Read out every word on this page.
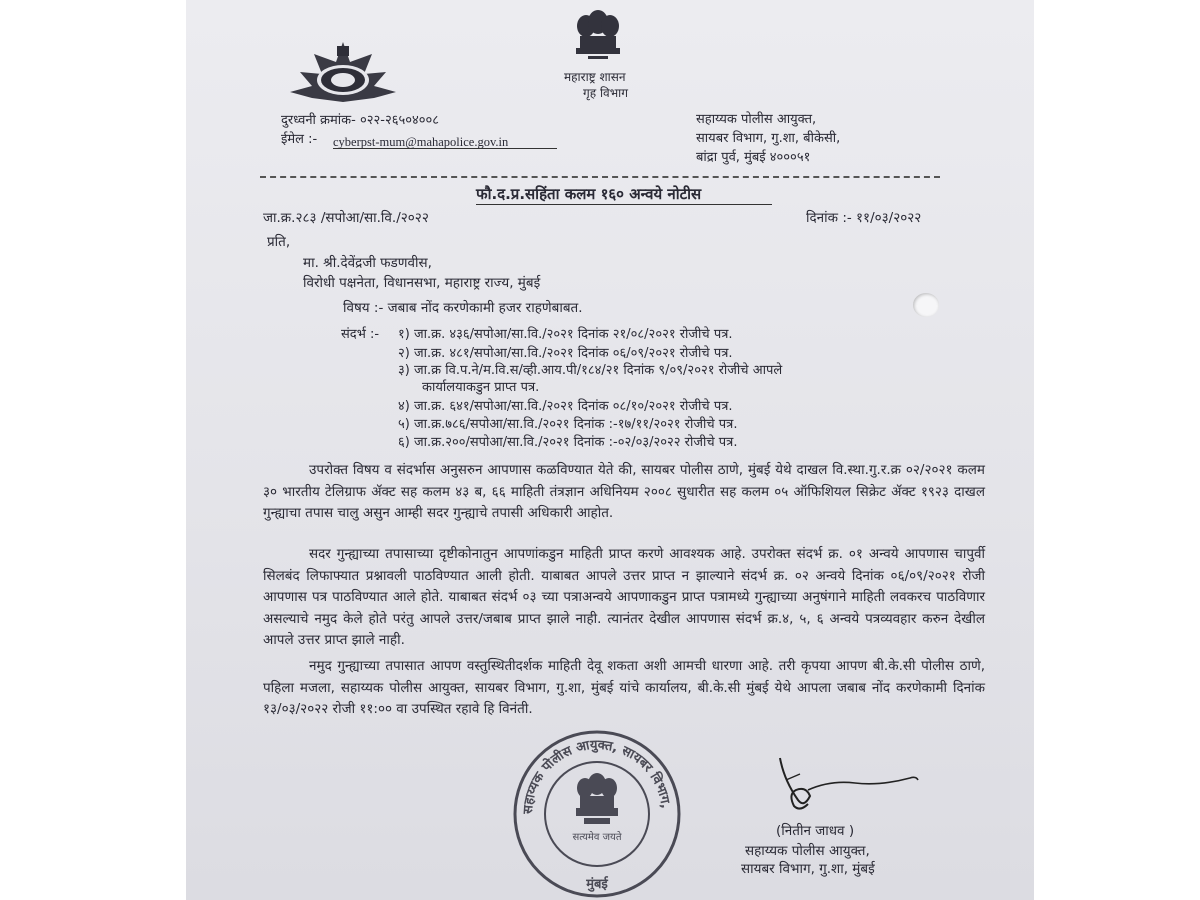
महाराष्ट्र शासन
गृह विभाग
दुरध्वनी क्रमांक- ०२२-२६५०४००८
ईमेल :- cyberpst-mum@mahapolice.gov.in
सहाय्यक पोलीस आयुक्त,
सायबर विभाग, गु.शा, बीकेसी,
बांद्रा पुर्व, मुंबई ४०००५१
फौ.द.प्र.सहिंता कलम १६० अन्वये नोटीस
जा.क्र.२८३ /सपोआ/सा.वि./२०२२	दिनांक :- ११/०३/२०२२
प्रति,
मा. श्री.देवेंद्रजी फडणवीस,
विरोधी पक्षनेता, विधानसभा, महाराष्ट्र राज्य, मुंबई
विषय :- जबाब नोंद करणेकामी हजर राहणेबाबत.
संदर्भ :- १) जा.क्र. ४३६/सपोआ/सा.वि./२०२१ दिनांक २१/०८/२०२१ रोजीचे पत्र.
२) जा.क्र. ४८१/सपोआ/सा.वि./२०२१ दिनांक ०६/०९/२०२१ रोजीचे पत्र.
३) जा.क्र वि.प.ने/म.वि.स/व्ही.आय.पी/१८४/२१ दिनांक ९/०९/२०२१ रोजीचे आपले
कार्यालयाकडुन प्राप्त पत्र.
४) जा.क्र. ६४१/सपोआ/सा.वि./२०२१ दिनांक ०८/१०/२०२१ रोजीचे पत्र.
५) जा.क्र.७८६/सपोआ/सा.वि./२०२१ दिनांक :-१७/११/२०२१ रोजीचे पत्र.
६) जा.क्र.२००/सपोआ/सा.वि./२०२१ दिनांक :-०२/०३/२०२२ रोजीचे पत्र.
उपरोक्त विषय व संदर्भास अनुसरुन आपणास कळविण्यात येते की, सायबर पोलीस ठाणे, मुंबई येथे दाखल वि.स्था.गु.र.क्र ०२/२०२१ कलम ३० भारतीय टेलिग्राफ ॲक्ट सह कलम ४३ ब, ६६ माहिती तंत्रज्ञान अधिनियम २००८ सुधारीत सह कलम ०५ ऑफिशियल सिक्रेट ॲक्ट १९२३ दाखल गुन्ह्याचा तपास चालु असुन आम्ही सदर गुन्ह्याचे तपासी अधिकारी आहोत.
सदर गुन्ह्याच्या तपासाच्या दृष्टीकोनातुन आपणांकडुन माहिती प्राप्त करणे आवश्यक आहे. उपरोक्त संदर्भ क्र. ०१ अन्वये आपणास चापुर्वी सिलबंद लिफाफ्यात प्रश्नावली पाठविण्यात आली होती. याबाबत आपले उत्तर प्राप्त न झाल्याने संदर्भ क्र. ०२ अन्वये दिनांक ०६/०९/२०२१ रोजी आपणास पत्र पाठविण्यात आले होते. याबाबत संदर्भ ०३ च्या पत्राअन्वये आपणाकडुन प्राप्त पत्रामध्ये गुन्ह्याच्या अनुषंगाने माहिती लवकरच पाठविणार असल्याचे नमुद केले होते परंतु आपले उत्तर/जबाब प्राप्त झाले नाही. त्यानंतर देखील आपणास संदर्भ क्र.४, ५, ६ अन्वये पत्रव्यवहार करुन देखील आपले उत्तर प्राप्त झाले नाही.
नमुद गुन्ह्याच्या तपासात आपण वस्तुस्थितीदर्शक माहिती देवू शकता अशी आमची धारणा आहे. तरी कृपया आपण बी.के.सी पोलीस ठाणे, पहिला मजला, सहाय्यक पोलीस आयुक्त, सायबर विभाग, गु.शा, मुंबई यांचे कार्यालय, बी.के.सी मुंबई येथे आपला जबाब नोंद करणेकामी दिनांक १३/०३/२०२२ रोजी ११:०० वा उपस्थित रहावे हि विनंती.
सहाय्यक पोलीस आयुक्त, सायबर विभाग,
सत्यमेव जयते
मुंबई
(नितीन जाधव )
सहाय्यक पोलीस आयुक्त,
सायबर विभाग, गु.शा, मुंबई
